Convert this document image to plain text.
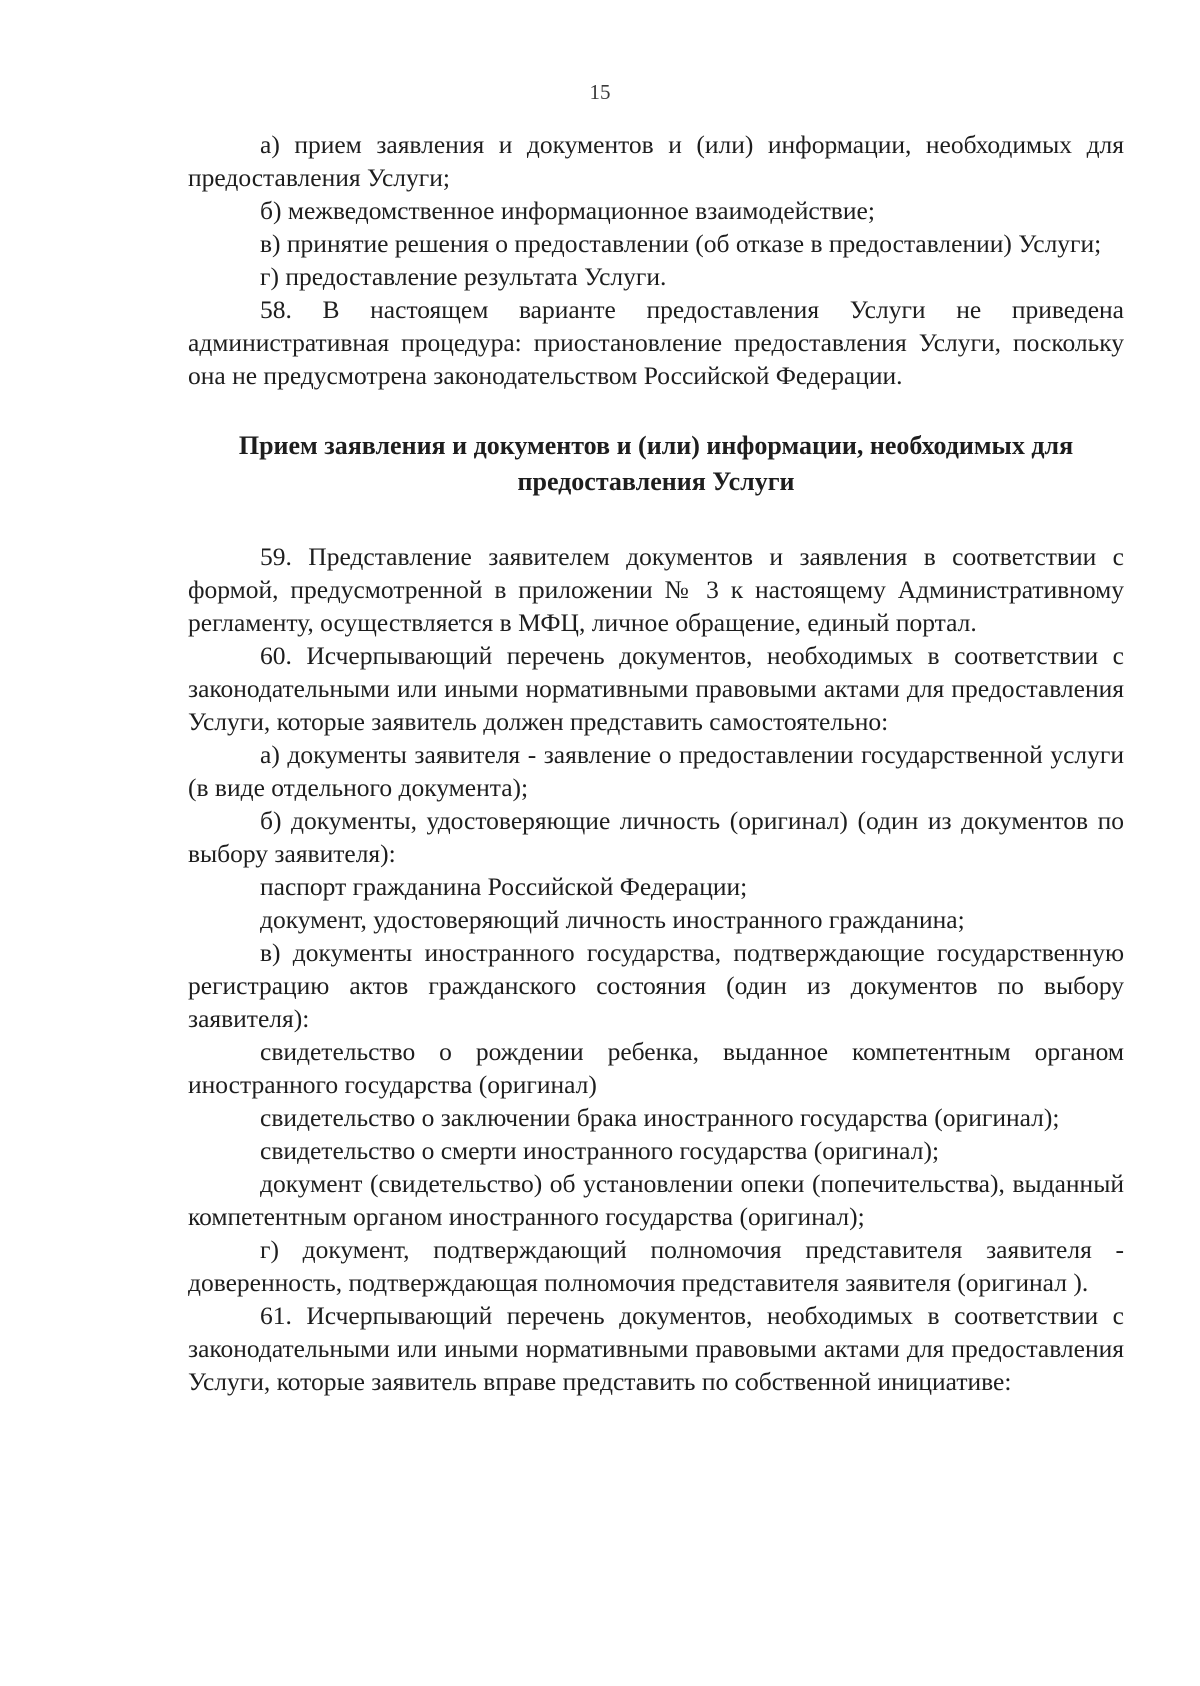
15

а) прием заявления и документов и (или) информации, необходимых для предоставления Услуги;

б) межведомственное информационное взаимодействие;

в) принятие решения о предоставлении (об отказе в предоставлении) Услуги;

г) предоставление результата Услуги.

58. В настоящем варианте предоставления Услуги не приведена административная процедура: приостановление предоставления Услуги, поскольку она не предусмотрена законодательством Российской Федерации.

Прием заявления и документов и (или) информации, необходимых для предоставления Услуги

59. Представление заявителем документов и заявления в соответствии с формой, предусмотренной в приложении № 3 к настоящему Административному регламенту, осуществляется в МФЦ, личное обращение, единый портал.

60. Исчерпывающий перечень документов, необходимых в соответствии с законодательными или иными нормативными правовыми актами для предоставления Услуги, которые заявитель должен представить самостоятельно:

а) документы заявителя - заявление о предоставлении государственной услуги (в виде отдельного документа);

б) документы, удостоверяющие личность (оригинал) (один из документов по выбору заявителя):

паспорт гражданина Российской Федерации;

документ, удостоверяющий личность иностранного гражданина;

в) документы иностранного государства, подтверждающие государственную регистрацию актов гражданского состояния (один из документов по выбору заявителя):

свидетельство о рождении ребенка, выданное компетентным органом иностранного государства (оригинал)

свидетельство о заключении брака иностранного государства (оригинал);

свидетельство о смерти иностранного государства (оригинал);

документ (свидетельство) об установлении опеки (попечительства), выданный компетентным органом иностранного государства (оригинал);

г) документ, подтверждающий полномочия представителя заявителя - доверенность, подтверждающая полномочия представителя заявителя (оригинал ).

61. Исчерпывающий перечень документов, необходимых в соответствии с законодательными или иными нормативными правовыми актами для предоставления Услуги, которые заявитель вправе представить по собственной инициативе:
